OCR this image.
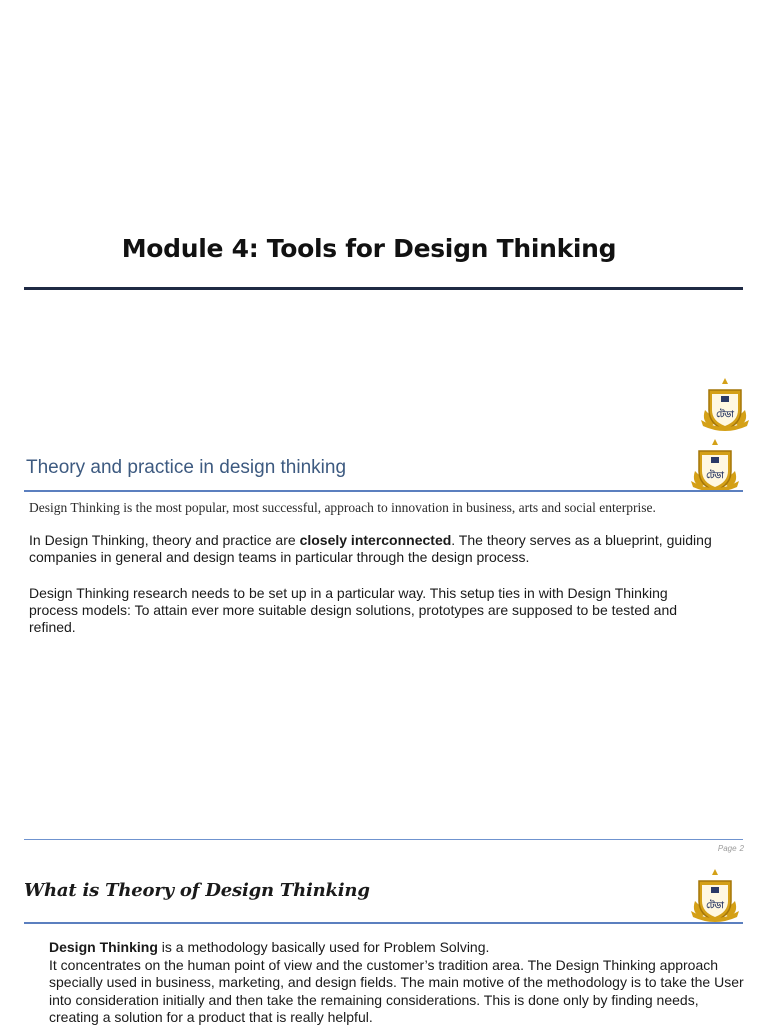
Module 4: Tools for Design Thinking
টেডা
টেডা
Theory and practice in design thinking
Design Thinking is the most popular, most successful, approach to innovation in business, arts and social enterprise.
In Design Thinking, theory and practice are closely interconnected. The theory serves as a blueprint, guiding companies in general and design teams in particular through the design process.
Design Thinking research needs to be set up in a particular way. This setup ties in with Design Thinking process models: To attain ever more suitable design solutions, prototypes are supposed to be tested and refined.
Page 2
What is Theory of Design Thinking
টেডা
Design Thinking is a methodology basically used for Problem Solving.
It concentrates on the human point of view and the customer’s tradition area. The Design Thinking approach specially used in business, marketing, and design fields. The main motive of the methodology is to take the User into consideration initially and then take the remaining considerations. This is done only by finding needs, creating a solution for a product that is really helpful.
